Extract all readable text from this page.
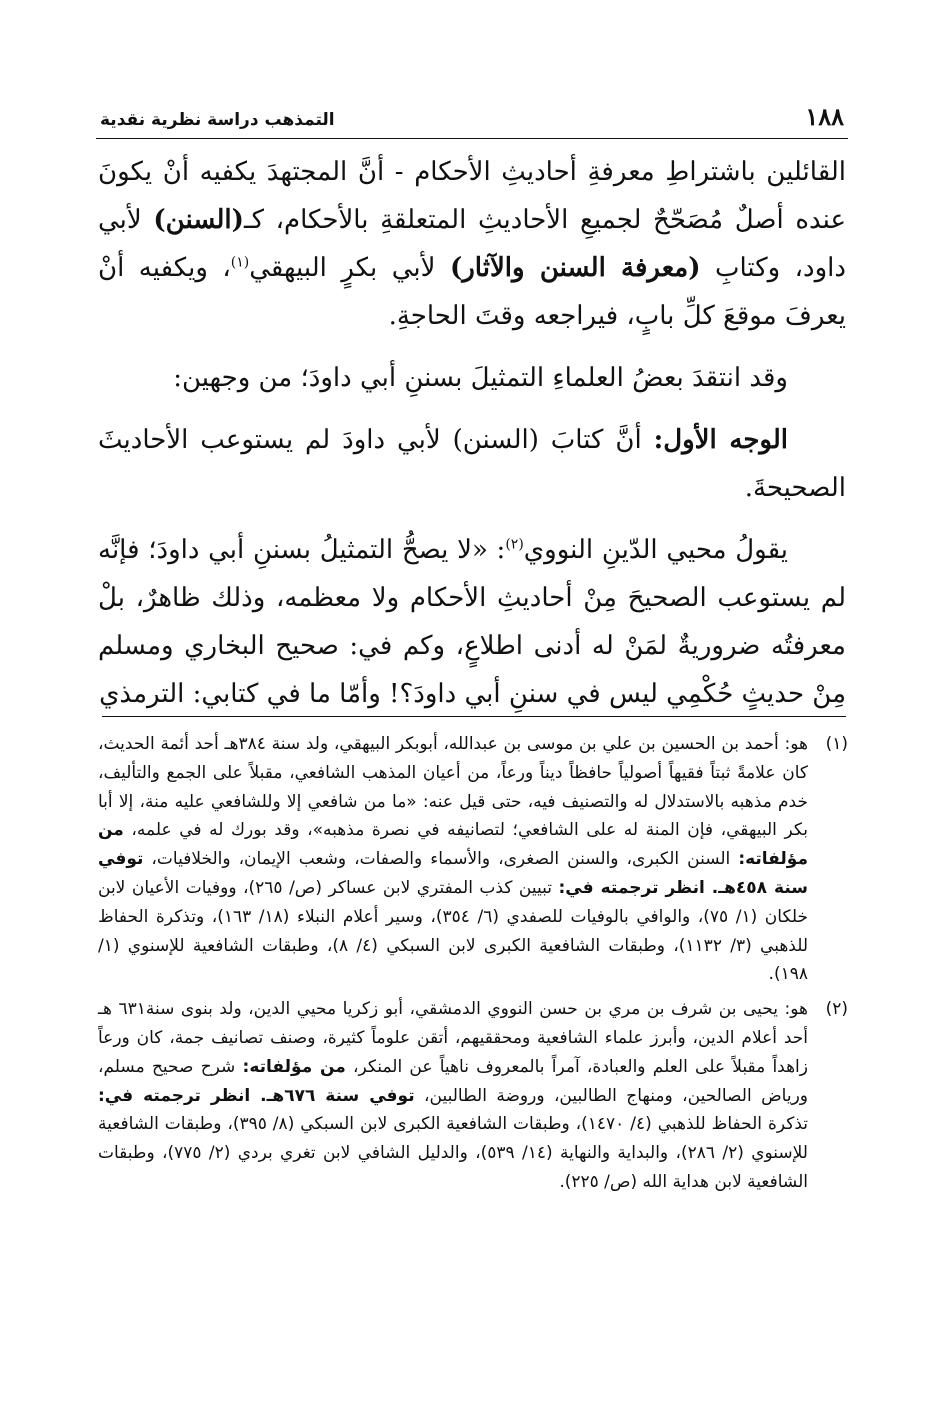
١٨٨
التمذهب دراسة نظرية نقدية

القائلين باشتراطِ معرفةِ أحاديثِ الأحكام - أنَّ المجتهدَ يكفيه أنْ يكونَ عنده أصلٌ مُصَحّحٌ لجميعِ الأحاديثِ المتعلقةِ بالأحكام، كـ(السنن) لأبي داود، وكتابِ (معرفة السنن والآثار) لأبي بكرٍ البيهقي$^{(١)}$، ويكفيه أنْ يعرفَ موقعَ كلِّ بابٍ، فيراجعه وقتَ الحاجةِ.

وقد انتقدَ بعضُ العلماءِ التمثيلَ بسننِ أبي داودَ؛ من وجهين:

الوجه الأول: أنَّ كتابَ (السنن) لأبي داودَ لم يستوعب الأحاديثَ الصحيحةَ.

يقولُ محيي الدّينِ النووي$^{(٢)}$: «لا يصحُّ التمثيلُ بسننِ أبي داودَ؛ فإنَّه لم يستوعب الصحيحَ مِنْ أحاديثِ الأحكام ولا معظمه، وذلك ظاهرٌ، بلْ معرفتُه ضروريةٌ لمَنْ له أدنى اطلاعٍ، وكم في: صحيح البخاري ومسلم مِنْ حديثٍ حُكْمِي ليس في سننِ أبي داودَ؟! وأمّا ما في كتابي: الترمذي

(١)
هو: أحمد بن الحسين بن علي بن موسى بن عبدالله، أبوبكر البيهقي، ولد سنة ٣٨٤هـ أحد أئمة الحديث، كان علامةً ثبتاً فقيهاً أصولياً حافظاً ديناً ورعاً، من أعيان المذهب الشافعي، مقبلاً على الجمع والتأليف، خدم مذهبه بالاستدلال له والتصنيف فيه، حتى قيل عنه: «ما من شافعي إلا وللشافعي عليه منة، إلا أبا بكر البيهقي، فإن المنة له على الشافعي؛ لتصانيفه في نصرة مذهبه»، وقد بورك له في علمه، من مؤلفاته: السنن الكبرى، والسنن الصغرى، والأسماء والصفات، وشعب الإيمان، والخلافيات، توفي سنة ٤٥٨هـ. انظر ترجمته في: تبيين كذب المفتري لابن عساكر (ص/ ٢٦٥)، ووفيات الأعيان لابن خلكان (١/ ٧٥)، والوافي بالوفيات للصفدي (٦/ ٣٥٤)، وسير أعلام النبلاء (١٨/ ١٦٣)، وتذكرة الحفاظ للذهبي (٣/ ١١٣٢)، وطبقات الشافعية الكبرى لابن السبكي (٤/ ٨)، وطبقات الشافعية للإسنوي (١/ ١٩٨).
(٢)
هو: يحيى بن شرف بن مري بن حسن النووي الدمشقي، أبو زكريا محيي الدين، ولد بنوى سنة٦٣١ هـ أحد أعلام الدين، وأبرز علماء الشافعية ومحققيهم، أتقن علوماً كثيرة، وصنف تصانيف جمة، كان ورعاً زاهداً مقبلاً على العلم والعبادة، آمراً بالمعروف ناهياً عن المنكر، من مؤلفاته: شرح صحيح مسلم، ورياض الصالحين، ومنهاج الطالبين، وروضة الطالبين، توفي سنة ٦٧٦هـ. انظر ترجمته في: تذكرة الحفاظ للذهبي (٤/ ١٤٧٠)، وطبقات الشافعية الكبرى لابن السبكي (٨/ ٣٩٥)، وطبقات الشافعية للإسنوي (٢/ ٢٨٦)، والبداية والنهاية (١٤/ ٥٣٩)، والدليل الشافي لابن تغري بردي (٢/ ٧٧٥)، وطبقات الشافعية لابن هداية الله (ص/ ٢٢٥).
